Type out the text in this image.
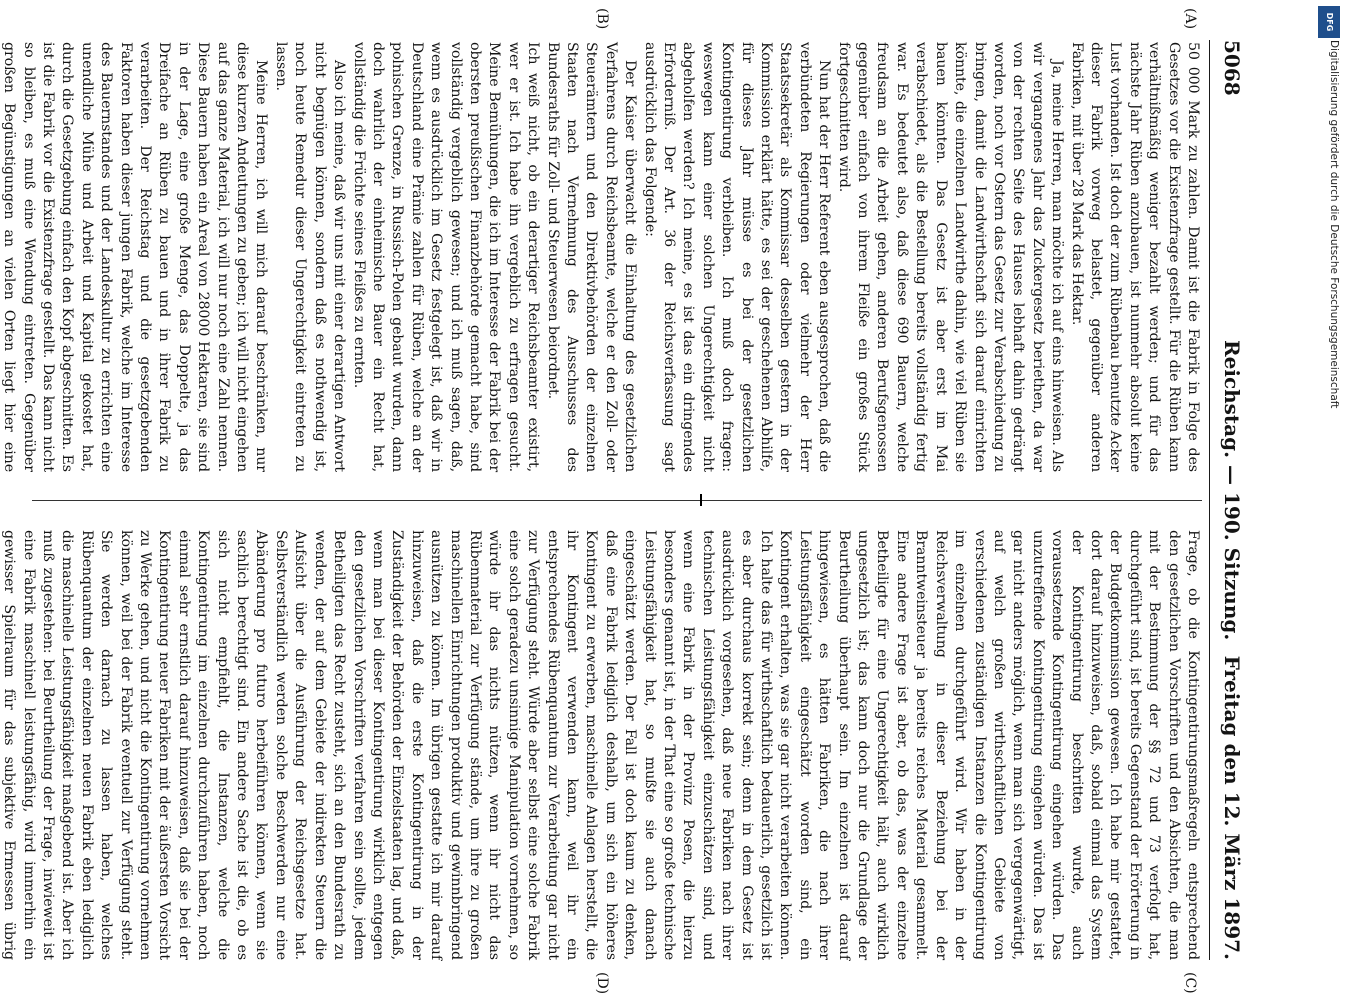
5068
Reichstag. — 190. Sitzung.
Freitag den 12. März 1897.
(A)
(B)
(C)
(D)

50 000 Mark zu zahlen. Damit ist die Fabrik in Folge des Gesetzes vor die Existenzfrage gestellt. Für die Rüben kann verhältnißmäßig weniger bezahlt werden; und für das nächste Jahr Rüben anzubauen, ist nunmehr absolut keine Lust vorhanden. Ist doch der zum Rübenbau benutzte Acker dieser Fabrik vorweg belastet, gegenüber anderen Fabriken, mit über 28 Mark das Hektar.

Ja, meine Herren, man möchte ich auf eins hinweisen. Als wir vergangenes Jahr das Zuckergesetz beriethen, da war von der rechten Seite des Hauses lebhaft dahin gedrängt worden, noch vor Ostern das Gesetz zur Verabschiedung zu bringen, damit die Landwirthschaft sich darauf einrichten könnte, die einzelnen Landwirthe dahin, wie viel Rüben sie bauen könnten. Das Gesetz ist aber erst im Mai verabschiedet, als die Bestellung bereits vollständig fertig war. Es bedeutet also, daß diese 690 Bauern, welche freudsam an die Arbeit gehen, anderen Berufsgenossen gegenüber einfach von ihrem Fleiße ein großes Stück fortgeschnitten wird.

Nun hat der Herr Referent eben ausgesprochen, daß die verbündeten Regierungen oder vielmehr der Herr Staatssekretär als Kommissar desselben gestern in der Kommission erklärt hätte, es sei der geschehenen Abhilfe, für dieses Jahr müsse es bei der gesetzlichen Kontingentirung verbleiben. Ich muß doch fragen: weswegen kann einer solchen Ungerechtigkeit nicht abgeholfen werden? Ich meine, es ist das ein dringendes Erforderniß. Der Art. 36 der Reichsverfassung sagt ausdrücklich das Folgende:

Der Kaiser überwacht die Einhaltung des gesetzlichen Verfahrens durch Reichsbeamte, welche er den Zoll- oder Steuerämtern und den Direktivbehörden der einzelnen Staaten nach Vernehmung des Ausschusses des Bundesraths für Zoll- und Steuerwesen beiordnet.

Ich weiß nicht, ob ein derartiger Reichsbeamter existirt, wer er ist. Ich habe ihn vergeblich zu erfragen gesucht. Meine Bemühungen, die ich im Interesse der Fabrik bei der obersten preußischen Finanzbehörde gemacht habe, sind vollständig vergeblich gewesen; und ich muß sagen, daß, wenn es ausdrücklich im Gesetz festgelegt ist, daß wir in Deutschland eine Prämie zahlen für Rüben, welche an der polnischen Grenze, in Russisch-Polen gebaut wurden, dann doch wahrlich der einheimische Bauer ein Recht hat, vollständig die Früchte seines Fleißes zu ernten.

Also ich meine, daß wir uns mit einer derartigen Antwort nicht begnügen können, sondern daß es nothwendig ist, noch heute Remedur dieser Ungerechtigkeit eintreten zu lassen.

Meine Herren, ich will mich darauf beschränken, nur diese kurzen Andeutungen zu geben; ich will nicht eingehen auf das ganze Material, ich will nur noch eine Zahl nennen. Diese Bauern haben ein Areal von 28000 Hektaren, sie sind in der Lage, eine große Menge, das Doppelte, ja das Dreifache an Rüben zu bauen und in ihrer Fabrik zu verarbeiten. Der Reichstag und die gesetzgebenden Faktoren haben dieser jungen Fabrik, welche im Interesse des Bauernstandes und der Landeskultur zu errichten eine unendliche Mühe und Arbeit und Kapital gekostet hat, durch die Gesetzgebung einfach den Kopf abgeschnitten. Es ist die Fabrik vor die Existenzfrage gestellt. Das kann nicht so bleiben, es muß eine Wendung eintreten. Gegenüber großen Begünstigungen an vielen Orten liegt hier eine

Frage, ob die Kontingentirungsmaßregeln entsprechend den gesetzlichen Vorschriften und den Absichten, die man mit der Bestimmung der §§ 72 und 73 verfolgt hat, durchgeführt sind, ist bereits Gegenstand der Erörterung in der Budgetkommission gewesen. Ich habe mir gestattet, dort darauf hinzuweisen, daß, sobald einmal das System der Kontingentirung beschritten wurde, auch voraussetzende Kontingentirung eingehen würden. Das unzutreffende Kontingentirung eingehen würden. Das ist gar nicht anders möglich, wenn man sich vergegenwärtigt, auf welch großen wirthschaftlichen Gebiete von verschiedenen zuständigen Instanzen die Kontingentirung im einzelnen durchgeführt wird. Wir haben in der Reichsverwaltung in dieser Beziehung bei der Branntweinsteuer ja bereits reiches Material gesammelt. Eine andere Frage ist aber, ob das, was der einzelne Betheiligte für eine Ungerechtigkeit hält, auch wirklich ungesetzlich ist; das kann doch nur die Grundlage der Beurtheilung überhaupt sein. Im einzelnen ist darauf hingewiesen, es hätten Fabriken, die nach ihrer Leistungsfähigkeit eingeschätzt worden sind, ein Kontingent erhalten, was sie gar nicht verarbeiten können. Ich halte das für wirthschaftlich bedauerlich, gesetzlich ist es aber durchaus korrekt sein; denn in dem Gesetz ist ausdrücklich vorgesehen, daß neue Fabriken nach ihrer technischen Leistungsfähigkeit einzuschätzen sind, und wenn eine Fabrik in der Provinz Posen, die hierzu besonders genannt ist, in der That eine so große technische Leistungsfähigkeit hat, so mußte sie auch danach eingeschätzt werden. Der Fall ist doch kaum zu denken, daß eine Fabrik lediglich deshalb, um sich ein höheres Kontingent zu erwerben, maschinelle Anlagen herstellt, die ihr Kontingent verwenden kann, weil ihr ein entsprechendes Rübenquantum zur Verarbeitung gar nicht zur Verfügung steht. Würde aber selbst eine solche Fabrik eine solch geradezu unsinnige Manipulation vornehmen, so würde ihr das nichts nützen, wenn ihr nicht das Rübenmaterial zur Verfügung stände, um ihre zu großen maschinellen Einrichtungen produktiv und gewinnbringend ausnützen zu können. Im übrigen gestatte ich mir darauf hinzuweisen, daß die erste Kontingentirung in der Zuständigkeit der Behörden der Einzelstaaten lag, und daß, wenn man bei dieser Kontingentirung wirklich entgegen den gesetzlichen Vorschriften verfahren sein sollte, jedem Betheiligten das Recht zusteht, sich an den Bundesrath zu wenden, der auf dem Gebiete der indirekten Steuern die Aufsicht über die Ausführung der Reichsgesetze hat. Selbstverständlich werden solche Beschwerden nur eine Abänderung pro futuro herbeiführen können, wenn sie sachlich berechtigt sind. Ein andere Sache ist die, ob es sich nicht empfiehlt, die Instanzen, welche die Kontingentirung im einzelnen durchzuführen haben, noch einmal sehr ernstlich darauf hinzuweisen, daß sie bei der Kontingentirung neuer Fabriken mit der äußersten Vorsicht zu Werke gehen, und nicht die Kontingentirung vornehmen können, weil bei der Fabrik eventuell zur Verfügung steht. Sie werden darnach zu lassen haben, welches Rübenquantum der einzelnen neuen Fabrik eben lediglich die maschinelle Leistungsfähigkeit maßgebend ist. Aber ich muß zugestehen: bei Beurtheilung der Frage, inwieweit ist eine Fabrik maschinell leistungsfähig, wird immerhin ein gewisser Spielraum für das subjektive Ermessen übrig

DFG
Digitalisierung gefördert durch die Deutsche Forschungsgemeinschaft
